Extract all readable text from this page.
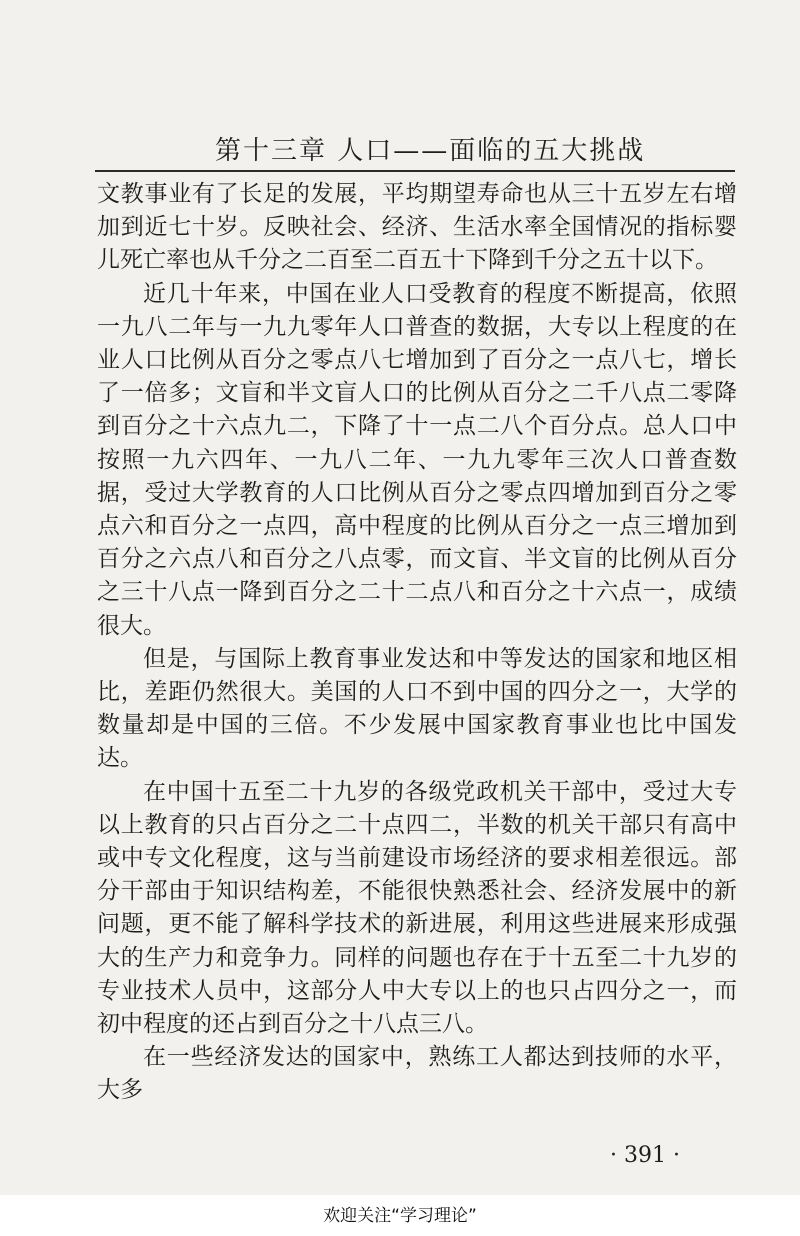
第十三章 人口——面临的五大挑战

文教事业有了长足的发展，平均期望寿命也从三十五岁左右增加到近七十岁。反映社会、经济、生活水率全国情况的指标婴儿死亡率也从千分之二百至二百五十下降到千分之五十以下。

近几十年来，中国在业人口受教育的程度不断提高，依照一九八二年与一九九零年人口普查的数据，大专以上程度的在业人口比例从百分之零点八七增加到了百分之一点八七，增长了一倍多；文盲和半文盲人口的比例从百分之二千八点二零降到百分之十六点九二，下降了十一点二八个百分点。总人口中按照一九六四年、一九八二年、一九九零年三次人口普查数据，受过大学教育的人口比例从百分之零点四增加到百分之零点六和百分之一点四，高中程度的比例从百分之一点三增加到百分之六点八和百分之八点零，而文盲、半文盲的比例从百分之三十八点一降到百分之二十二点八和百分之十六点一，成绩很大。

但是，与国际上教育事业发达和中等发达的国家和地区相比，差距仍然很大。美国的人口不到中国的四分之一，大学的数量却是中国的三倍。不少发展中国家教育事业也比中国发达。

在中国十五至二十九岁的各级党政机关干部中，受过大专以上教育的只占百分之二十点四二，半数的机关干部只有高中或中专文化程度，这与当前建设市场经济的要求相差很远。部分干部由于知识结构差，不能很快熟悉社会、经济发展中的新问题，更不能了解科学技术的新进展，利用这些进展来形成强大的生产力和竞争力。同样的问题也存在于十五至二十九岁的专业技术人员中，这部分人中大专以上的也只占四分之一，而初中程度的还占到百分之十八点三八。

在一些经济发达的国家中，熟练工人都达到技师的水平，大多

· 391 ·
欢迎关注“学习理论”
